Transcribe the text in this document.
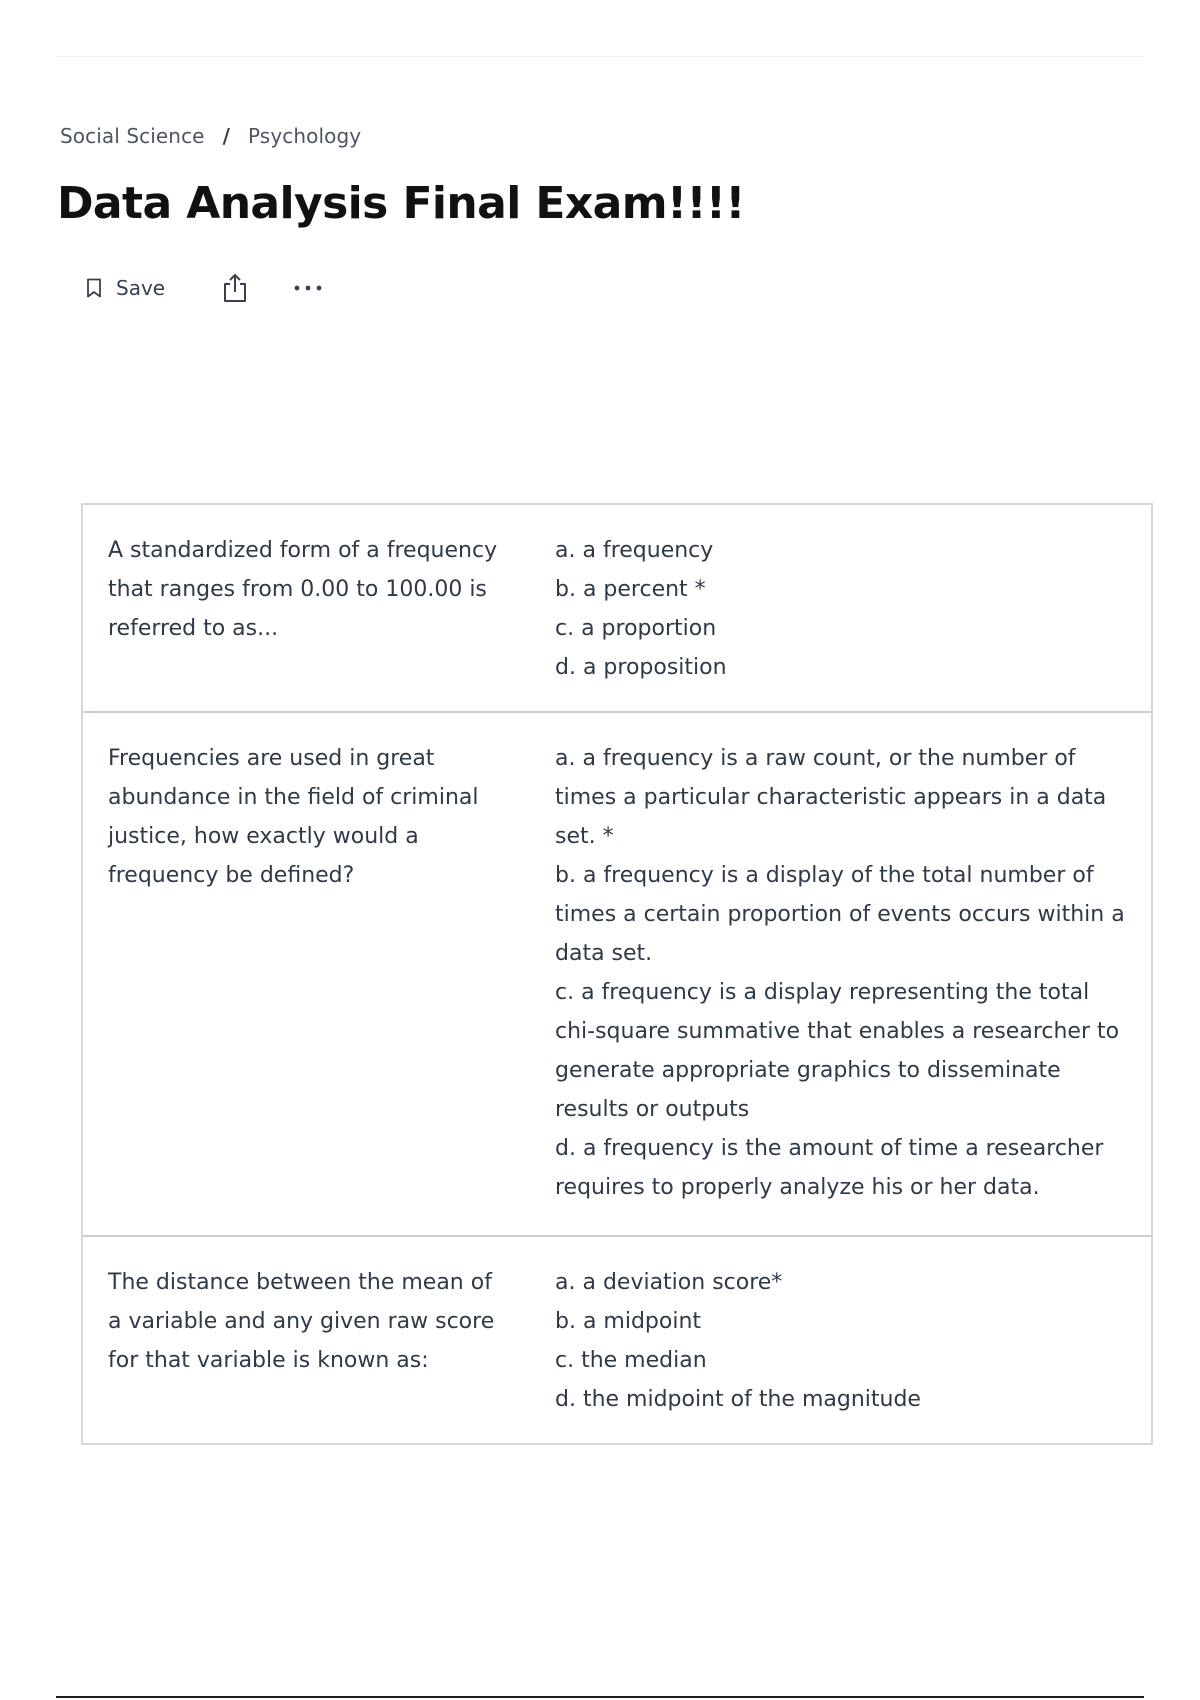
Social Science / Psychology
Data Analysis Final Exam!!!!
Save
A standardized form of a frequency that ranges from 0.00 to 100.00 is referred to as...
a. a frequency
b. a percent *
c. a proportion
d. a proposition
Frequencies are used in great abundance in the field of criminal justice, how exactly would a frequency be defined?
a. a frequency is a raw count, or the number of times a particular characteristic appears in a data set. *
b. a frequency is a display of the total number of times a certain proportion of events occurs within a data set.
c. a frequency is a display representing the total chi-square summative that enables a researcher to generate appropriate graphics to disseminate results or outputs
d. a frequency is the amount of time a researcher requires to properly analyze his or her data.
The distance between the mean of a variable and any given raw score for that variable is known as:
a. a deviation score*
b. a midpoint
c. the median
d. the midpoint of the magnitude
